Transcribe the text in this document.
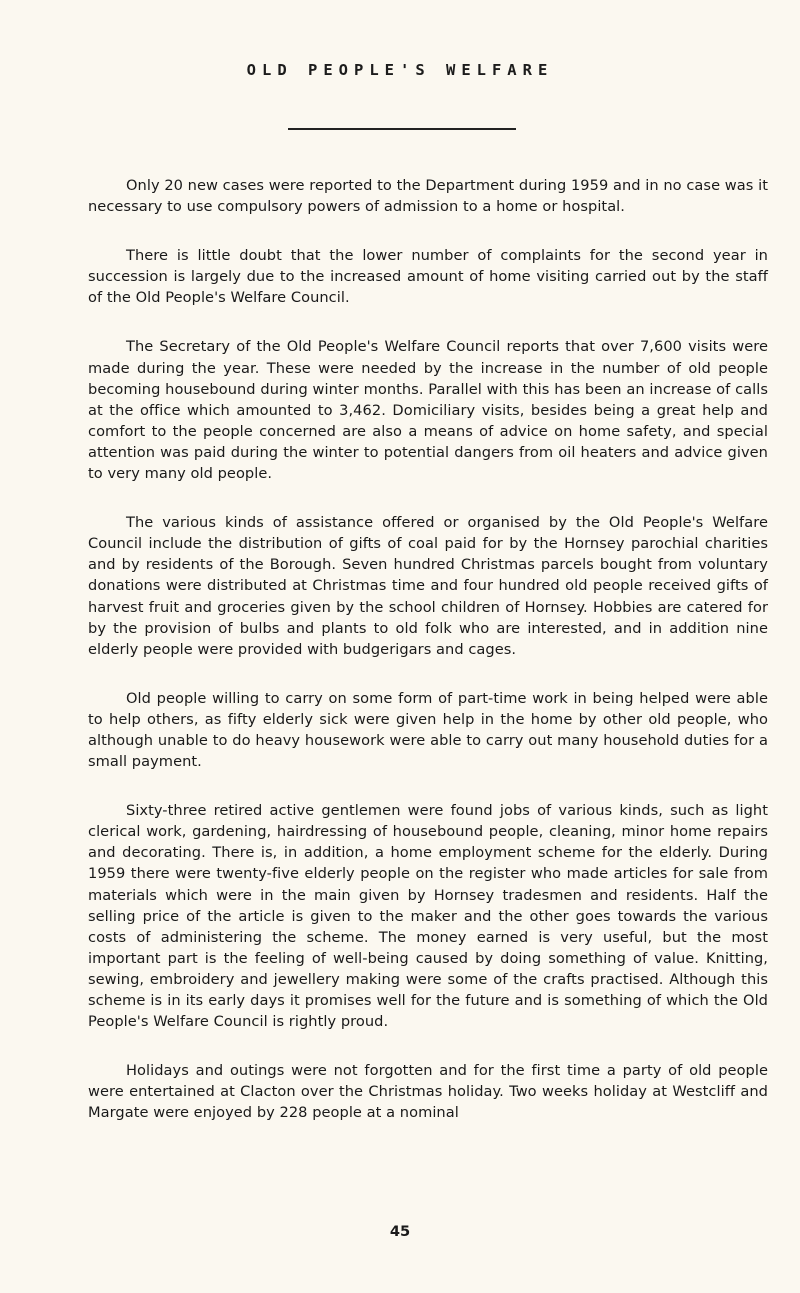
OLD PEOPLE'S WELFARE

Only 20 new cases were reported to the Department during 1959 and in no case was it necessary to use compulsory powers of admission to a home or hospital.

There is little doubt that the lower number of complaints for the second year in succession is largely due to the increased amount of home visiting carried out by the staff of the Old People's Welfare Council.

The Secretary of the Old People's Welfare Council reports that over 7,600 visits were made during the year. These were needed by the increase in the number of old people becoming housebound during winter months. Parallel with this has been an increase of calls at the office which amounted to 3,462. Domiciliary visits, besides being a great help and comfort to the people concerned are also a means of advice on home safety, and special attention was paid during the winter to potential dangers from oil heaters and advice given to very many old people.

The various kinds of assistance offered or organised by the Old People's Welfare Council include the distribution of gifts of coal paid for by the Hornsey parochial charities and by residents of the Borough. Seven hundred Christmas parcels bought from voluntary donations were distributed at Christmas time and four hundred old people received gifts of harvest fruit and groceries given by the school children of Hornsey. Hobbies are catered for by the provision of bulbs and plants to old folk who are interested, and in addition nine elderly people were provided with budgerigars and cages.

Old people willing to carry on some form of part-time work in being helped were able to help others, as fifty elderly sick were given help in the home by other old people, who although unable to do heavy housework were able to carry out many household duties for a small payment.

Sixty-three retired active gentlemen were found jobs of various kinds, such as light clerical work, gardening, hairdressing of housebound people, cleaning, minor home repairs and decorating. There is, in addition, a home employment scheme for the elderly. During 1959 there were twenty-five elderly people on the register who made articles for sale from materials which were in the main given by Hornsey tradesmen and residents. Half the selling price of the article is given to the maker and the other goes towards the various costs of administering the scheme. The money earned is very useful, but the most important part is the feeling of well-being caused by doing something of value. Knitting, sewing, embroidery and jewellery making were some of the crafts practised. Although this scheme is in its early days it promises well for the future and is something of which the Old People's Welfare Council is rightly proud.

Holidays and outings were not forgotten and for the first time a party of old people were entertained at Clacton over the Christmas holiday. Two weeks holiday at Westcliff and Margate were enjoyed by 228 people at a nominal

45
